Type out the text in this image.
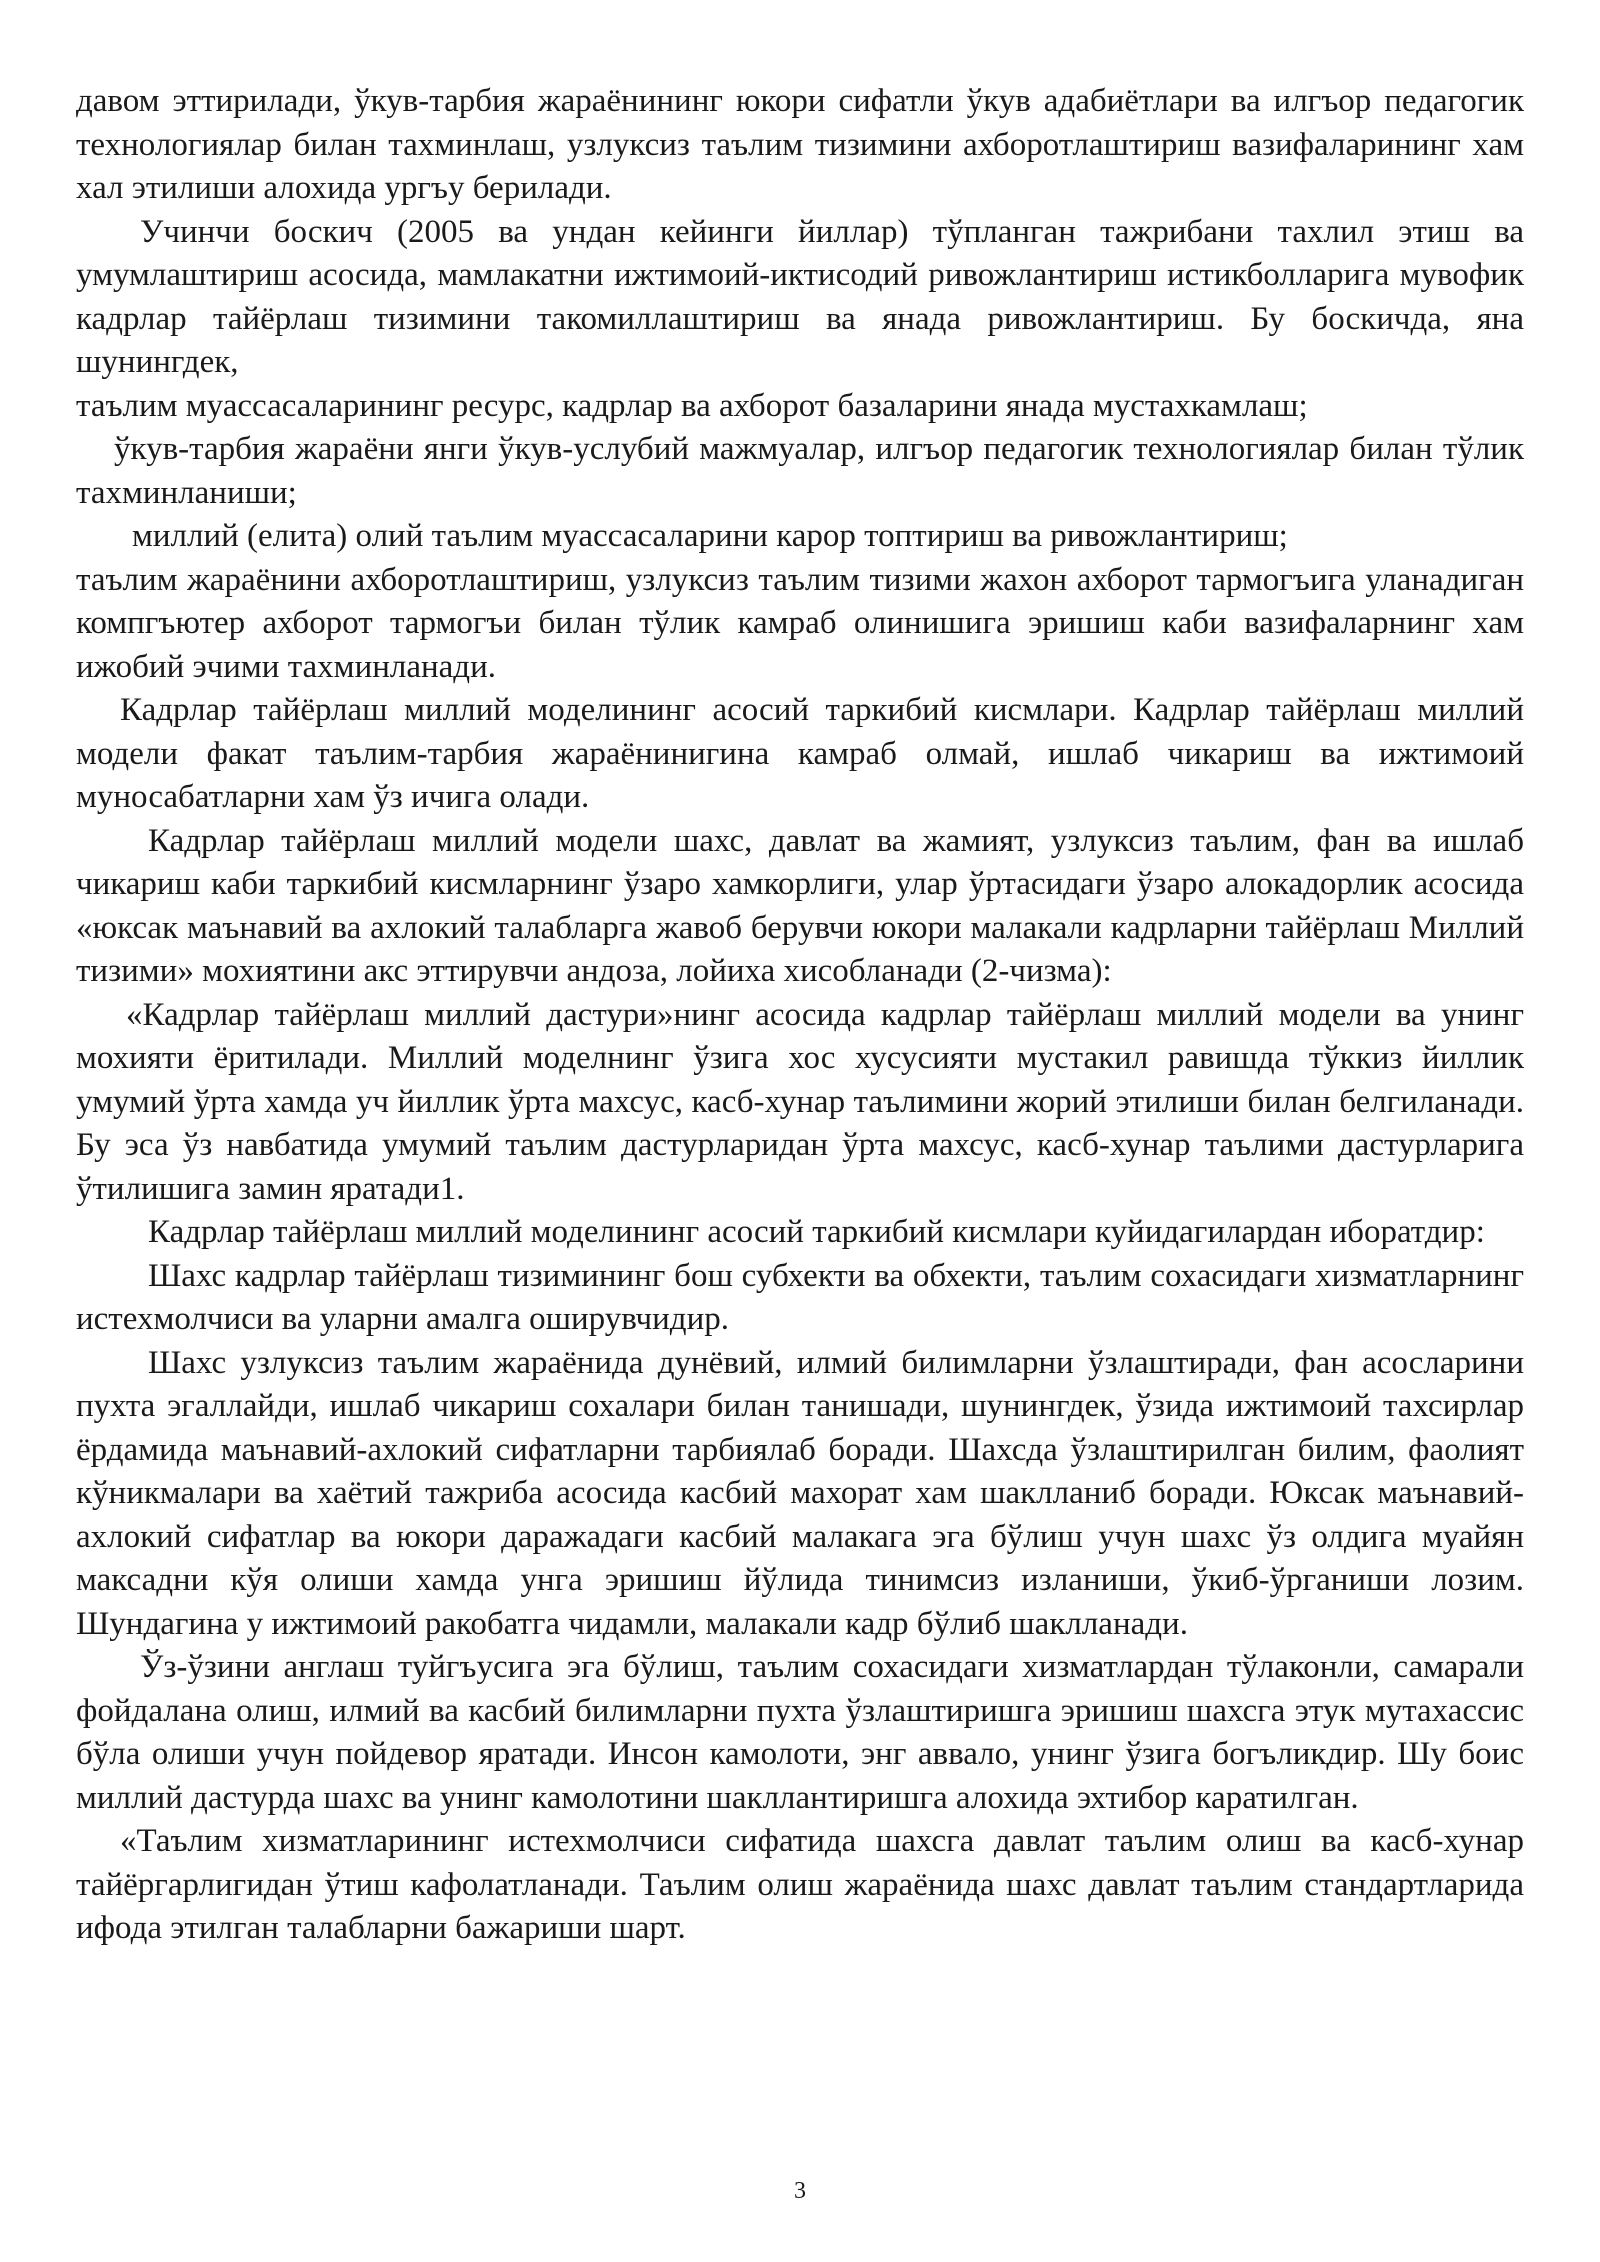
давом эттирилади, ўкув-тарбия жараёнининг юкори сифатли ўкув адабиётлари ва илгъор педагогик технологиялар билан тахминлаш, узлуксиз таълим тизимини ахборотлаштириш вазифаларининг хам хал этилиши алохида ургъу берилади.

Учинчи боскич (2005 ва ундан кейинги йиллар) тўпланган тажрибани тахлил этиш ва умумлаштириш асосида, мамлакатни ижтимоий-иктисодий ривожлантириш истикболларига мувофик кадрлар тайёрлаш тизимини такомиллаштириш ва янада ривожлантириш. Бу боскичда, яна шунингдек,

таълим муассасаларининг ресурс, кадрлар ва ахборот базаларини янада мустахкамлаш;

ўкув-тарбия жараёни янги ўкув-услубий мажмуалар, илгъор педагогик технологиялар билан тўлик тахминланиши;

миллий (елита) олий таълим муассасаларини карор топтириш ва ривожлантириш;

таълим жараёнини ахборотлаштириш, узлуксиз таълим тизими жахон ахборот тармогъига уланадиган компгъютер ахборот тармогъи билан тўлик камраб олинишига эришиш каби вазифаларнинг хам ижобий эчими тахминланади.

Кадрлар тайёрлаш миллий моделининг асосий таркибий кисмлари. Кадрлар тайёрлаш миллий модели факат таълим-тарбия жараёнинигина камраб олмай, ишлаб чикариш ва ижтимоий муносабатларни хам ўз ичига олади.

Кадрлар тайёрлаш миллий модели шахс, давлат ва жамият, узлуксиз таълим, фан ва ишлаб чикариш каби таркибий кисмларнинг ўзаро хамкорлиги, улар ўртасидаги ўзаро алокадорлик асосида «юксак маънавий ва ахлокий талабларга жавоб берувчи юкори малакали кадрларни тайёрлаш Миллий тизими» мохиятини акс эттирувчи андоза, лойиха хисобланади (2-чизма):

«Кадрлар тайёрлаш миллий дастури»нинг асосида кадрлар тайёрлаш миллий модели ва унинг мохияти ёритилади. Миллий моделнинг ўзига хос хусусияти мустакил равишда тўккиз йиллик умумий ўрта хамда уч йиллик ўрта махсус, касб-хунар таълимини жорий этилиши билан белгиланади. Бу эса ўз навбатида умумий таълим дастурларидан ўрта махсус, касб-хунар таълими дастурларига ўтилишига замин яратади1.

Кадрлар тайёрлаш миллий моделининг асосий таркибий кисмлари куйидагилардан иборатдир:

Шахс кадрлар тайёрлаш тизимининг бош субхекти ва обхекти, таълим сохасидаги хизматларнинг истехмолчиси ва уларни амалга оширувчидир.

Шахс узлуксиз таълим жараёнида дунёвий, илмий билимларни ўзлаштиради, фан асосларини пухта эгаллайди, ишлаб чикариш сохалари билан танишади, шунингдек, ўзида ижтимоий тахсирлар ёрдамида маънавий-ахлокий сифатларни тарбиялаб боради. Шахсда ўзлаштирилган билим, фаолият кўникмалари ва хаётий тажриба асосида касбий махорат хам шаклланиб боради. Юксак маънавий-ахлокий сифатлар ва юкори даражадаги касбий малакага эга бўлиш учун шахс ўз олдига муайян максадни кўя олиши хамда унга эришиш йўлида тинимсиз изланиши, ўкиб-ўрганиши лозим. Шундагина у ижтимоий ракобатга чидамли, малакали кадр бўлиб шаклланади.

Ўз-ўзини англаш туйгъусига эга бўлиш, таълим сохасидаги хизматлардан тўлаконли, самарали фойдалана олиш, илмий ва касбий билимларни пухта ўзлаштиришга эришиш шахсга этук мутахассис бўла олиши учун пойдевор яратади. Инсон камолоти, энг аввало, унинг ўзига богъликдир. Шу боис миллий дастурда шахс ва унинг камолотини шакллантиришга алохида эхтибор каратилган.

«Таълим хизматларининг истехмолчиси сифатида шахсга давлат таълим олиш ва касб-хунар тайёргарлигидан ўтиш кафолатланади. Таълим олиш жараёнида шахс давлат таълим стандартларида ифода этилган талабларни бажариши шарт.

3
